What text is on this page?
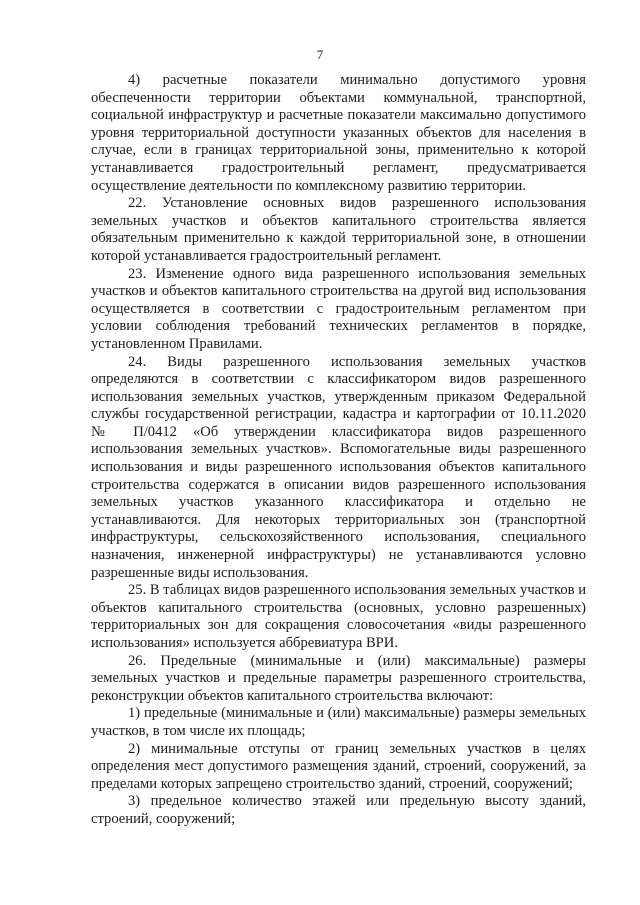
7

4) расчетные показатели минимально допустимого уровня обеспеченности территории объектами коммунальной, транспортной, социальной инфраструктур и расчетные показатели максимально допустимого уровня территориальной доступности указанных объектов для населения в случае, если в границах территориальной зоны, применительно к которой устанавливается градостроительный регламент, предусматривается осуществление деятельности по комплексному развитию территории.

22. Установление основных видов разрешенного использования земельных участков и объектов капитального строительства является обязательным применительно к каждой территориальной зоне, в отношении которой устанавливается градостроительный регламент.

23. Изменение одного вида разрешенного использования земельных участков и объектов капитального строительства на другой вид использования осуществляется в соответствии с градостроительным регламентом при условии соблюдения требований технических регламентов в порядке, установленном Правилами.

24. Виды разрешенного использования земельных участков определяются в соответствии с классификатором видов разрешенного использования земельных участков, утвержденным приказом Федеральной службы государственной регистрации, кадастра и картографии от 10.11.2020 № П/0412 «Об утверждении классификатора видов разрешенного использования земельных участков». Вспомогательные виды разрешенного использования и виды разрешенного использования объектов капитального строительства содержатся в описании видов разрешенного использования земельных участков указанного классификатора и отдельно не устанавливаются. Для некоторых территориальных зон (транспортной инфраструктуры, сельскохозяйственного использования, специального назначения, инженерной инфраструктуры) не устанавливаются условно разрешенные виды использования.

25. В таблицах видов разрешенного использования земельных участков и объектов капитального строительства (основных, условно разрешенных) территориальных зон для сокращения словосочетания «виды разрешенного использования» используется аббревиатура ВРИ.

26. Предельные (минимальные и (или) максимальные) размеры земельных участков и предельные параметры разрешенного строительства, реконструкции объектов капитального строительства включают:

1) предельные (минимальные и (или) максимальные) размеры земельных участков, в том числе их площадь;

2) минимальные отступы от границ земельных участков в целях определения мест допустимого размещения зданий, строений, сооружений, за пределами которых запрещено строительство зданий, строений, сооружений;

3) предельное количество этажей или предельную высоту зданий, строений, сооружений;
